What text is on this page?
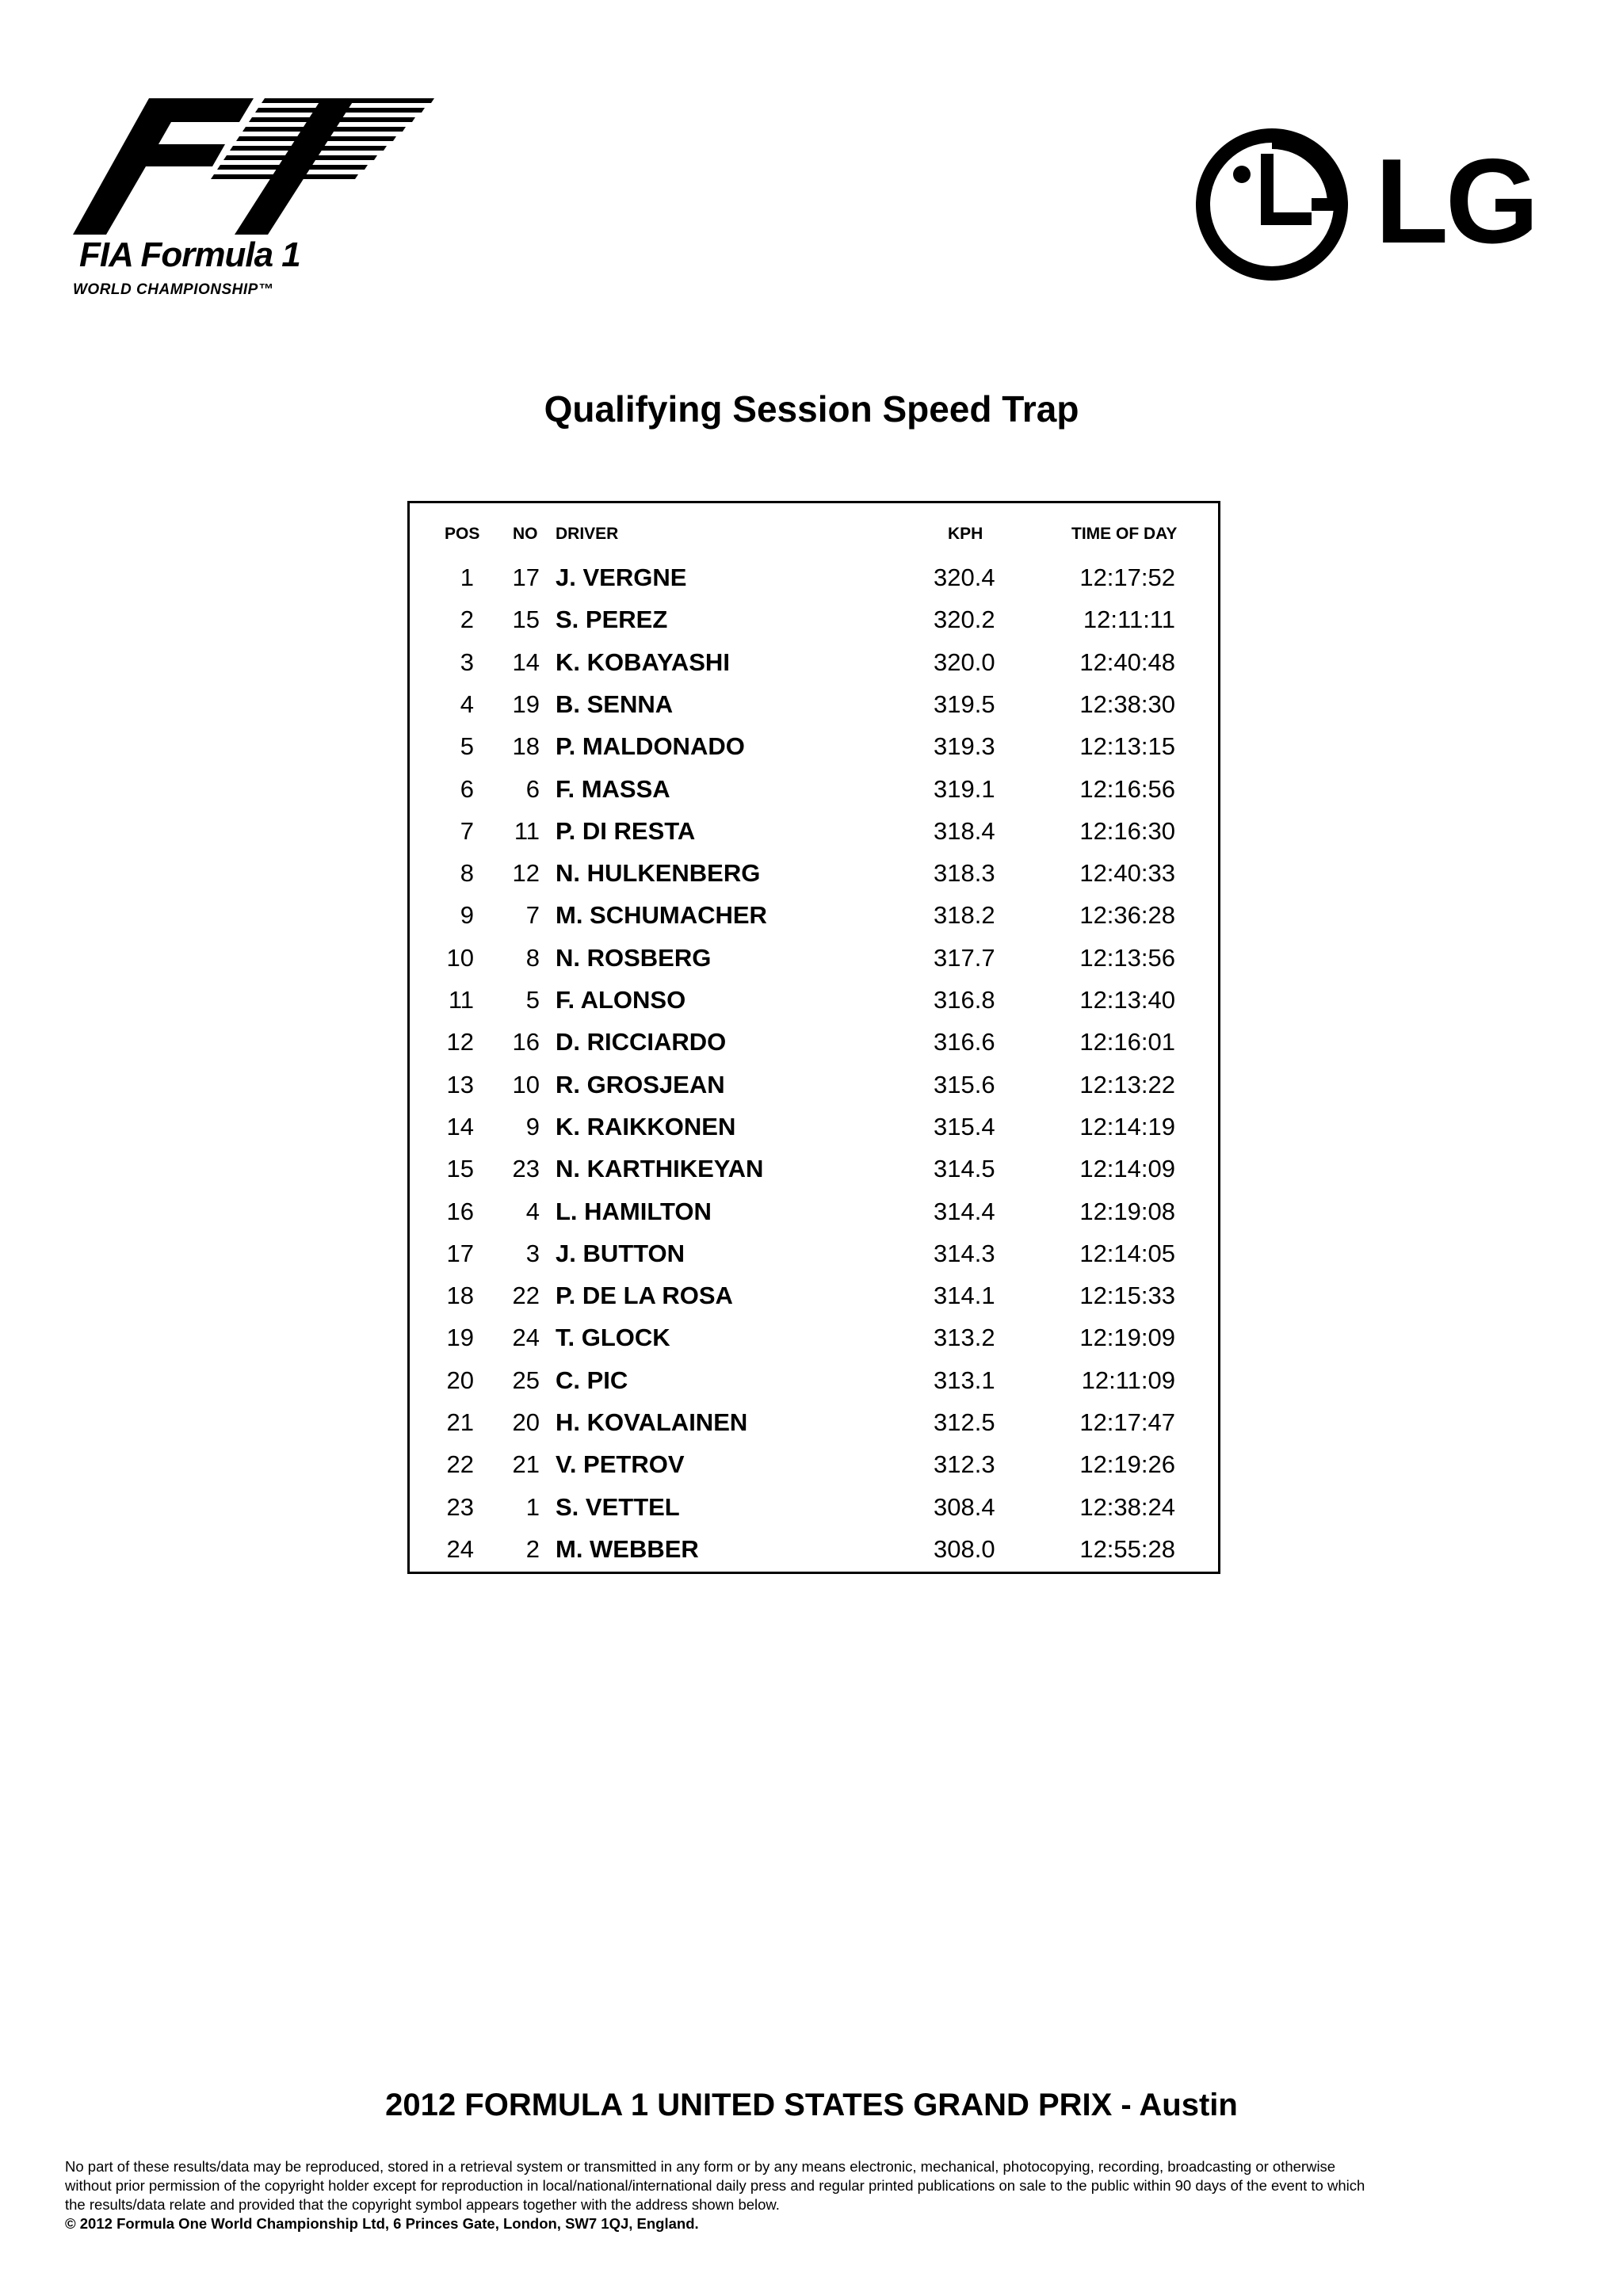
FIA Formula 1
WORLD CHAMPIONSHIP™
LG
Qualifying Session Speed Trap
POS NO DRIVER	KPH	TIME OF DAY
1	17 J. VERGNE	320.4	12:17:52
2	15 S. PEREZ	320.2	12:11:11
3	14 K. KOBAYASHI	320.0	12:40:48
4	19 B. SENNA	319.5	12:38:30
5	18 P. MALDONADO	319.3	12:13:15
6	6 F. MASSA	319.1	12:16:56
7	11 P. DI RESTA	318.4	12:16:30
8	12 N. HULKENBERG	318.3	12:40:33
9	7 M. SCHUMACHER	318.2	12:36:28
10	8 N. ROSBERG	317.7	12:13:56
11	5 F. ALONSO	316.8	12:13:40
12	16 D. RICCIARDO	316.6	12:16:01
13	10 R. GROSJEAN	315.6	12:13:22
14	9 K. RAIKKONEN	315.4	12:14:19
15	23 N. KARTHIKEYAN	314.5	12:14:09
16	4 L. HAMILTON	314.4	12:19:08
17	3 J. BUTTON	314.3	12:14:05
18	22 P. DE LA ROSA	314.1	12:15:33
19	24 T. GLOCK	313.2	12:19:09
20	25 C. PIC	313.1	12:11:09
21	20 H. KOVALAINEN	312.5	12:17:47
22	21 V. PETROV	312.3	12:19:26
23	1 S. VETTEL	308.4	12:38:24
24	2 M. WEBBER	308.0	12:55:28
2012 FORMULA 1 UNITED STATES GRAND PRIX - Austin
No part of these results/data may be reproduced, stored in a retrieval system or transmitted in any form or by any means electronic, mechanical, photocopying, recording, broadcasting or otherwise
without prior permission of the copyright holder except for reproduction in local/national/international daily press and regular printed publications on sale to the public within 90 days of the event to which
the results/data relate and provided that the copyright symbol appears together with the address shown below.
© 2012 Formula One World Championship Ltd, 6 Princes Gate, London, SW7 1QJ, England.
